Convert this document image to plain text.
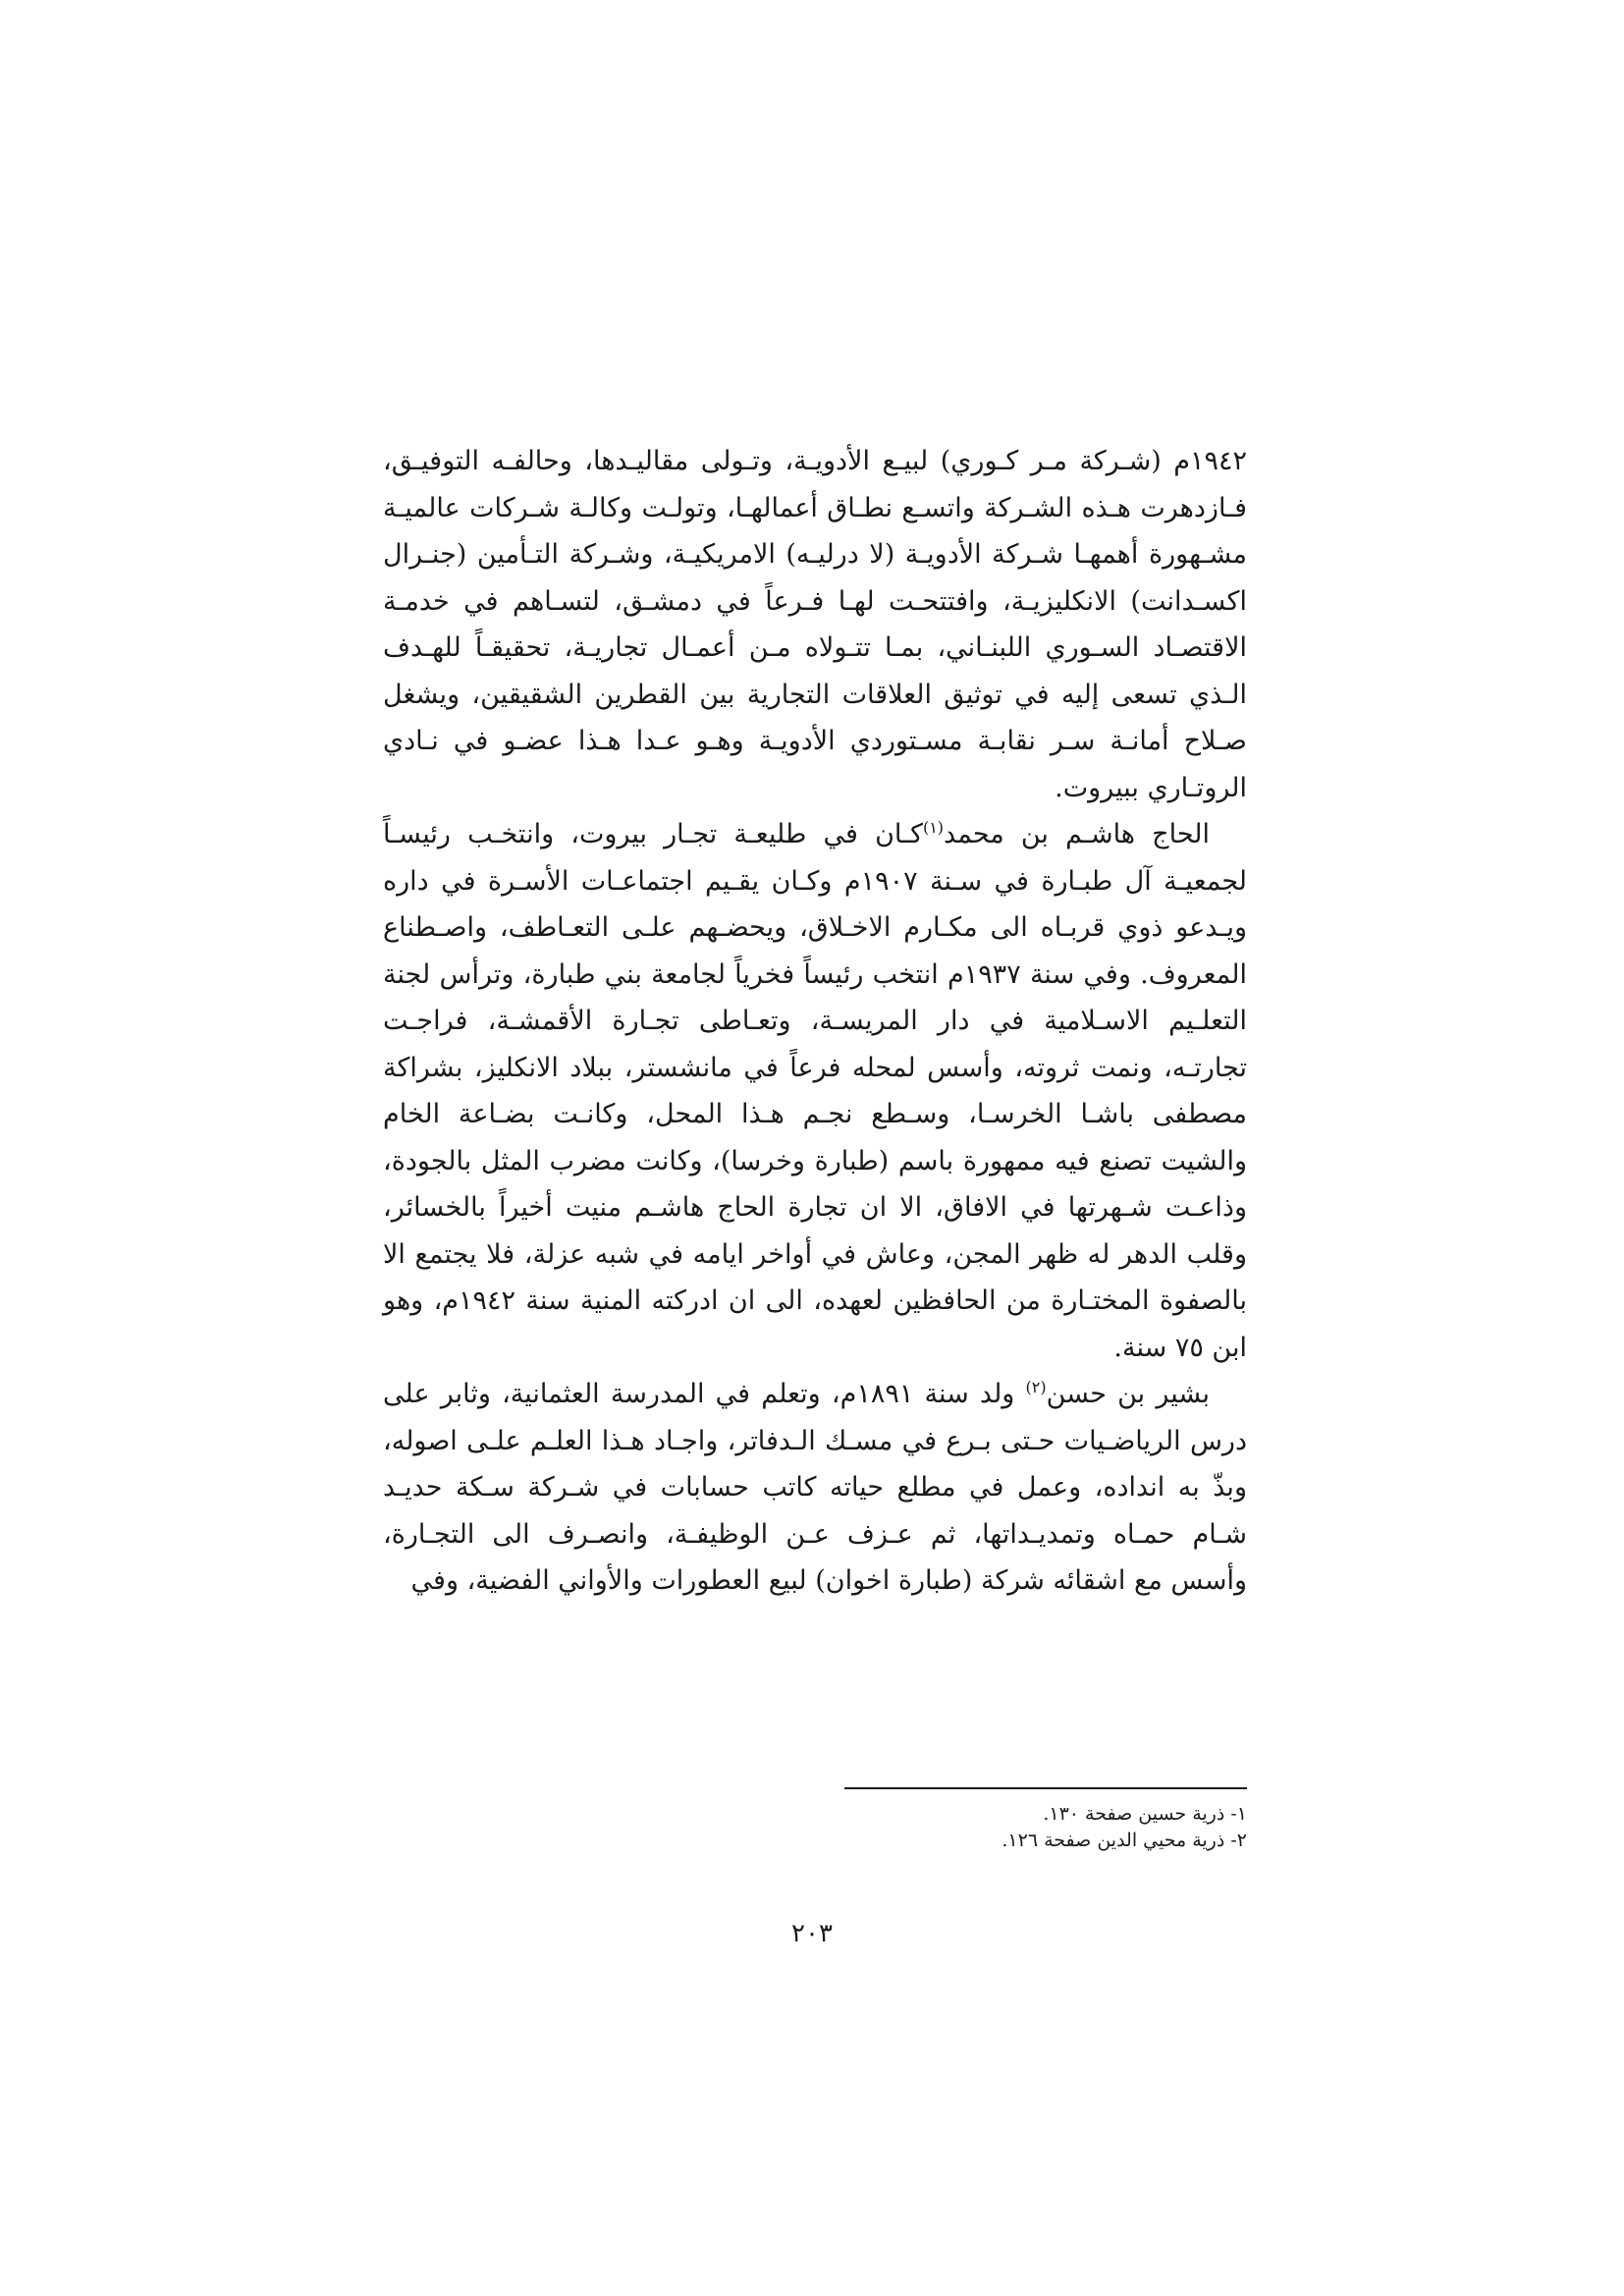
١٩٤٢م (شـركة مـر كـوري) لبيـع الأدويـة، وتـولى مقاليـدها، وحالفـه التوفيـق، فـازدهرت هـذه الشـركة واتسـع نطـاق أعمالهـا، وتولـت وكالـة شـركات عالميـة مشـهورة أهمهـا شـركة الأدويـة (لا درليـه) الامريكيـة، وشـركة التـأمين (جنـرال اكسـدانت) الانكليزيـة، وافتتحـت لهـا فـرعاً في دمشـق، لتسـاهم في خدمـة الاقتصـاد السـوري اللبنـاني، بمـا تتـولاه مـن أعمـال تجاريـة، تحقيقـاً للهـدف الـذي تسعى إليه في توثيق العلاقات التجارية بين القطرين الشقيقين، ويشغل صـلاح أمانـة سـر نقابـة مسـتوردي الأدويـة وهـو عـدا هـذا عضـو في نـادي الروتـاري ببيروت.

الحاج هاشـم بن محمد$^{(١)}$كـان في طليعـة تجـار بيروت، وانتخـب رئيسـاً لجمعيـة آل طبـارة في سـنة ١٩٠٧م وكـان يقـيم اجتماعـات الأسـرة في داره ويـدعو ذوي قربـاه الى مكـارم الاخـلاق، ويحضـهم علـى التعـاطف، واصـطناع المعروف. وفي سنة ١٩٣٧م انتخب رئيساً فخرياً لجامعة بني طبارة، وترأس لجنة التعلـيم الاسـلامية في دار المريسـة، وتعـاطى تجـارة الأقمشـة، فراجـت تجارتـه، ونمت ثروته، وأسس لمحله فرعاً في مانشستر، ببلاد الانكليز، بشراكة مصطفى باشـا الخرسـا، وسـطع نجـم هـذا المحل، وكانـت بضـاعة الخام والشيت تصنع فيه ممهورة باسم (طبارة وخرسا)، وكانت مضرب المثل بالجودة، وذاعـت شـهرتها في الافاق، الا ان تجارة الحاج هاشـم منيت أخيراً بالخسائر، وقلب الدهر له ظهر المجن، وعاش في أواخر ايامه في شبه عزلة، فلا يجتمع الا بالصفوة المختـارة من الحافظين لعهده، الى ان ادركته المنية سنة ١٩٤٢م، وهو ابن ٧٥ سنة.

بشير بن حسن$^{(٢)}$ ولد سنة ١٨٩١م، وتعلم في المدرسة العثمانية، وثابر على درس الرياضـيات حـتى بـرع في مسـك الـدفاتر، واجـاد هـذا العلـم علـى اصوله، وبذّ به انداده، وعمل في مطلع حياته كاتب حسابات في شـركة سـكة حديـد شـام حمـاه وتمديـداتها، ثم عـزف عـن الوظيفـة، وانصـرف الى التجـارة، وأسس مع اشقائه شركة (طبارة اخوان) لبيع العطورات والأواني الفضية، وفي

١- ذرية حسين صفحة ١٣٠.
٢- ذرية محيي الدين صفحة ١٢٦.
٢٠٣
